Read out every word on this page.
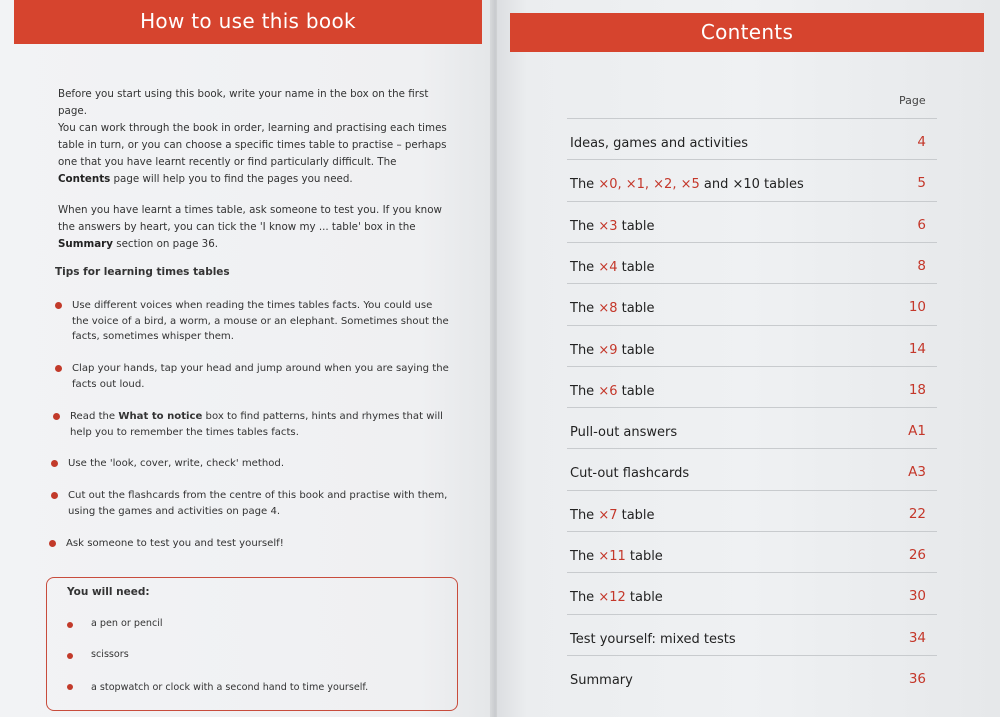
How to use this book
Before you start using this book, write your name in the box on the first page.
You can work through the book in order, learning and practising each times table in turn, or you can choose a specific times table to practise – perhaps one that you have learnt recently or find particularly difficult. The Contents page will help you to find the pages you need.
When you have learnt a times table, ask someone to test you. If you know the answers by heart, you can tick the 'I know my ... table' box in the Summary section on page 36.
Tips for learning times tables
Use different voices when reading the times tables facts. You could use the voice of a bird, a worm, a mouse or an elephant. Sometimes shout the facts, sometimes whisper them.
Clap your hands, tap your head and jump around when you are saying the facts out loud.
Read the What to notice box to find patterns, hints and rhymes that will help you to remember the times tables facts.
Use the 'look, cover, write, check' method.
Cut out the flashcards from the centre of this book and practise with them, using the games and activities on page 4.
Ask someone to test you and test yourself!
You will need:
a pen or pencil
scissors
a stopwatch or clock with a second hand to time yourself.
Contents
Page
Ideas, games and activities	4
The ×0, ×1, ×2, ×5 and ×10 tables	5
The ×3 table	6
The ×4 table	8
The ×8 table	10
The ×9 table	14
The ×6 table	18
Pull-out answers	A1
Cut-out flashcards	A3
The ×7 table	22
The ×11 table	26
The ×12 table	30
Test yourself: mixed tests	34
Summary	36
